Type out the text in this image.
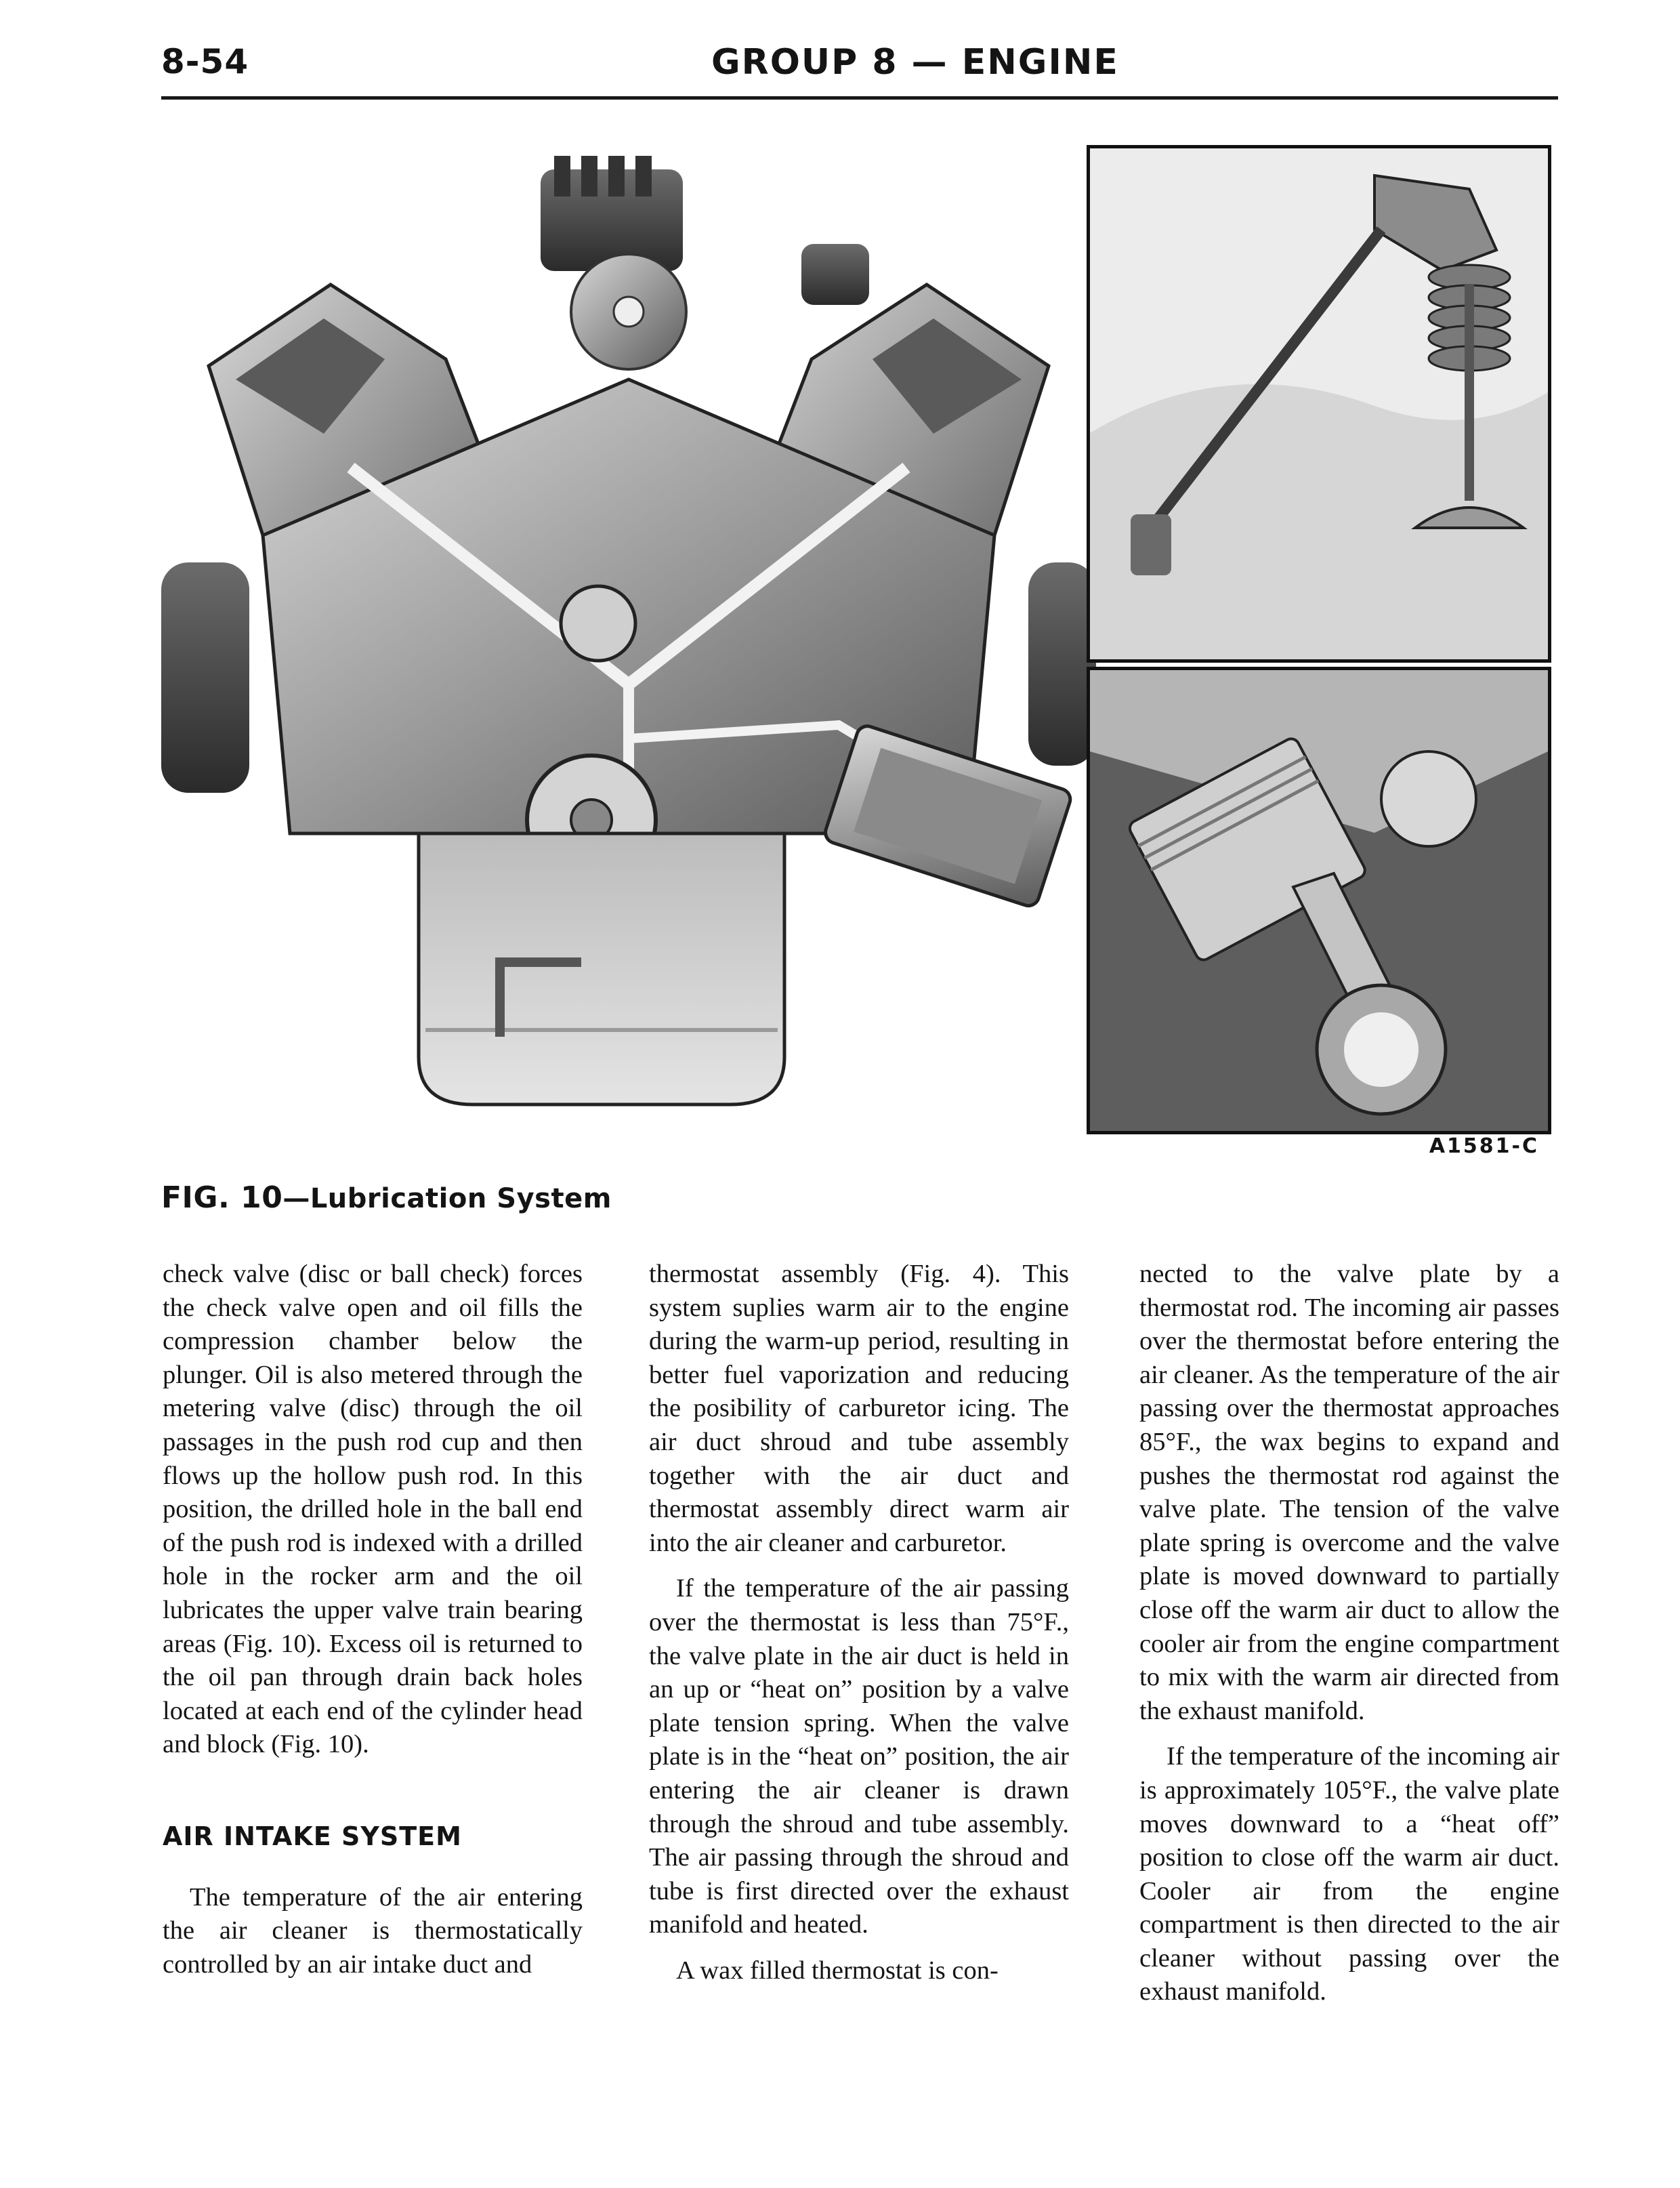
8-54	GROUP 8 — ENGINE
A1581-C
FIG. 10—Lubrication System

check valve (disc or ball check) forces the check valve open and oil fills the compression chamber below the plunger. Oil is also metered through the metering valve (disc) through the oil passages in the push rod cup and then flows up the hollow push rod. In this position, the drilled hole in the ball end of the push rod is indexed with a drilled hole in the rocker arm and the oil lubricates the upper valve train bearing areas (Fig. 10). Excess oil is returned to the oil pan through drain back holes located at each end of the cylinder head and block (Fig. 10).

AIR INTAKE SYSTEM

The temperature of the air entering the air cleaner is thermostatically controlled by an air intake duct and

thermostat assembly (Fig. 4). This system suplies warm air to the engine during the warm-up period, resulting in better fuel vaporization and reducing the posibility of carburetor icing. The air duct shroud and tube assembly together with the air duct and thermostat assembly direct warm air into the air cleaner and carburetor.

If the temperature of the air passing over the thermostat is less than 75°F., the valve plate in the air duct is held in an up or “heat on” position by a valve plate tension spring. When the valve plate is in the “heat on” position, the air entering the air cleaner is drawn through the shroud and tube assembly. The air passing through the shroud and tube is first directed over the exhaust manifold and heated.

A wax filled thermostat is con-

nected to the valve plate by a thermostat rod. The incoming air passes over the thermostat before entering the air cleaner. As the temperature of the air passing over the thermostat approaches 85°F., the wax begins to expand and pushes the thermostat rod against the valve plate. The tension of the valve plate spring is overcome and the valve plate is moved downward to partially close off the warm air duct to allow the cooler air from the engine compartment to mix with the warm air directed from the exhaust manifold.

If the temperature of the incoming air is approximately 105°F., the valve plate moves downward to a “heat off” position to close off the warm air duct. Cooler air from the engine compartment is then directed to the air cleaner without passing over the exhaust manifold.
